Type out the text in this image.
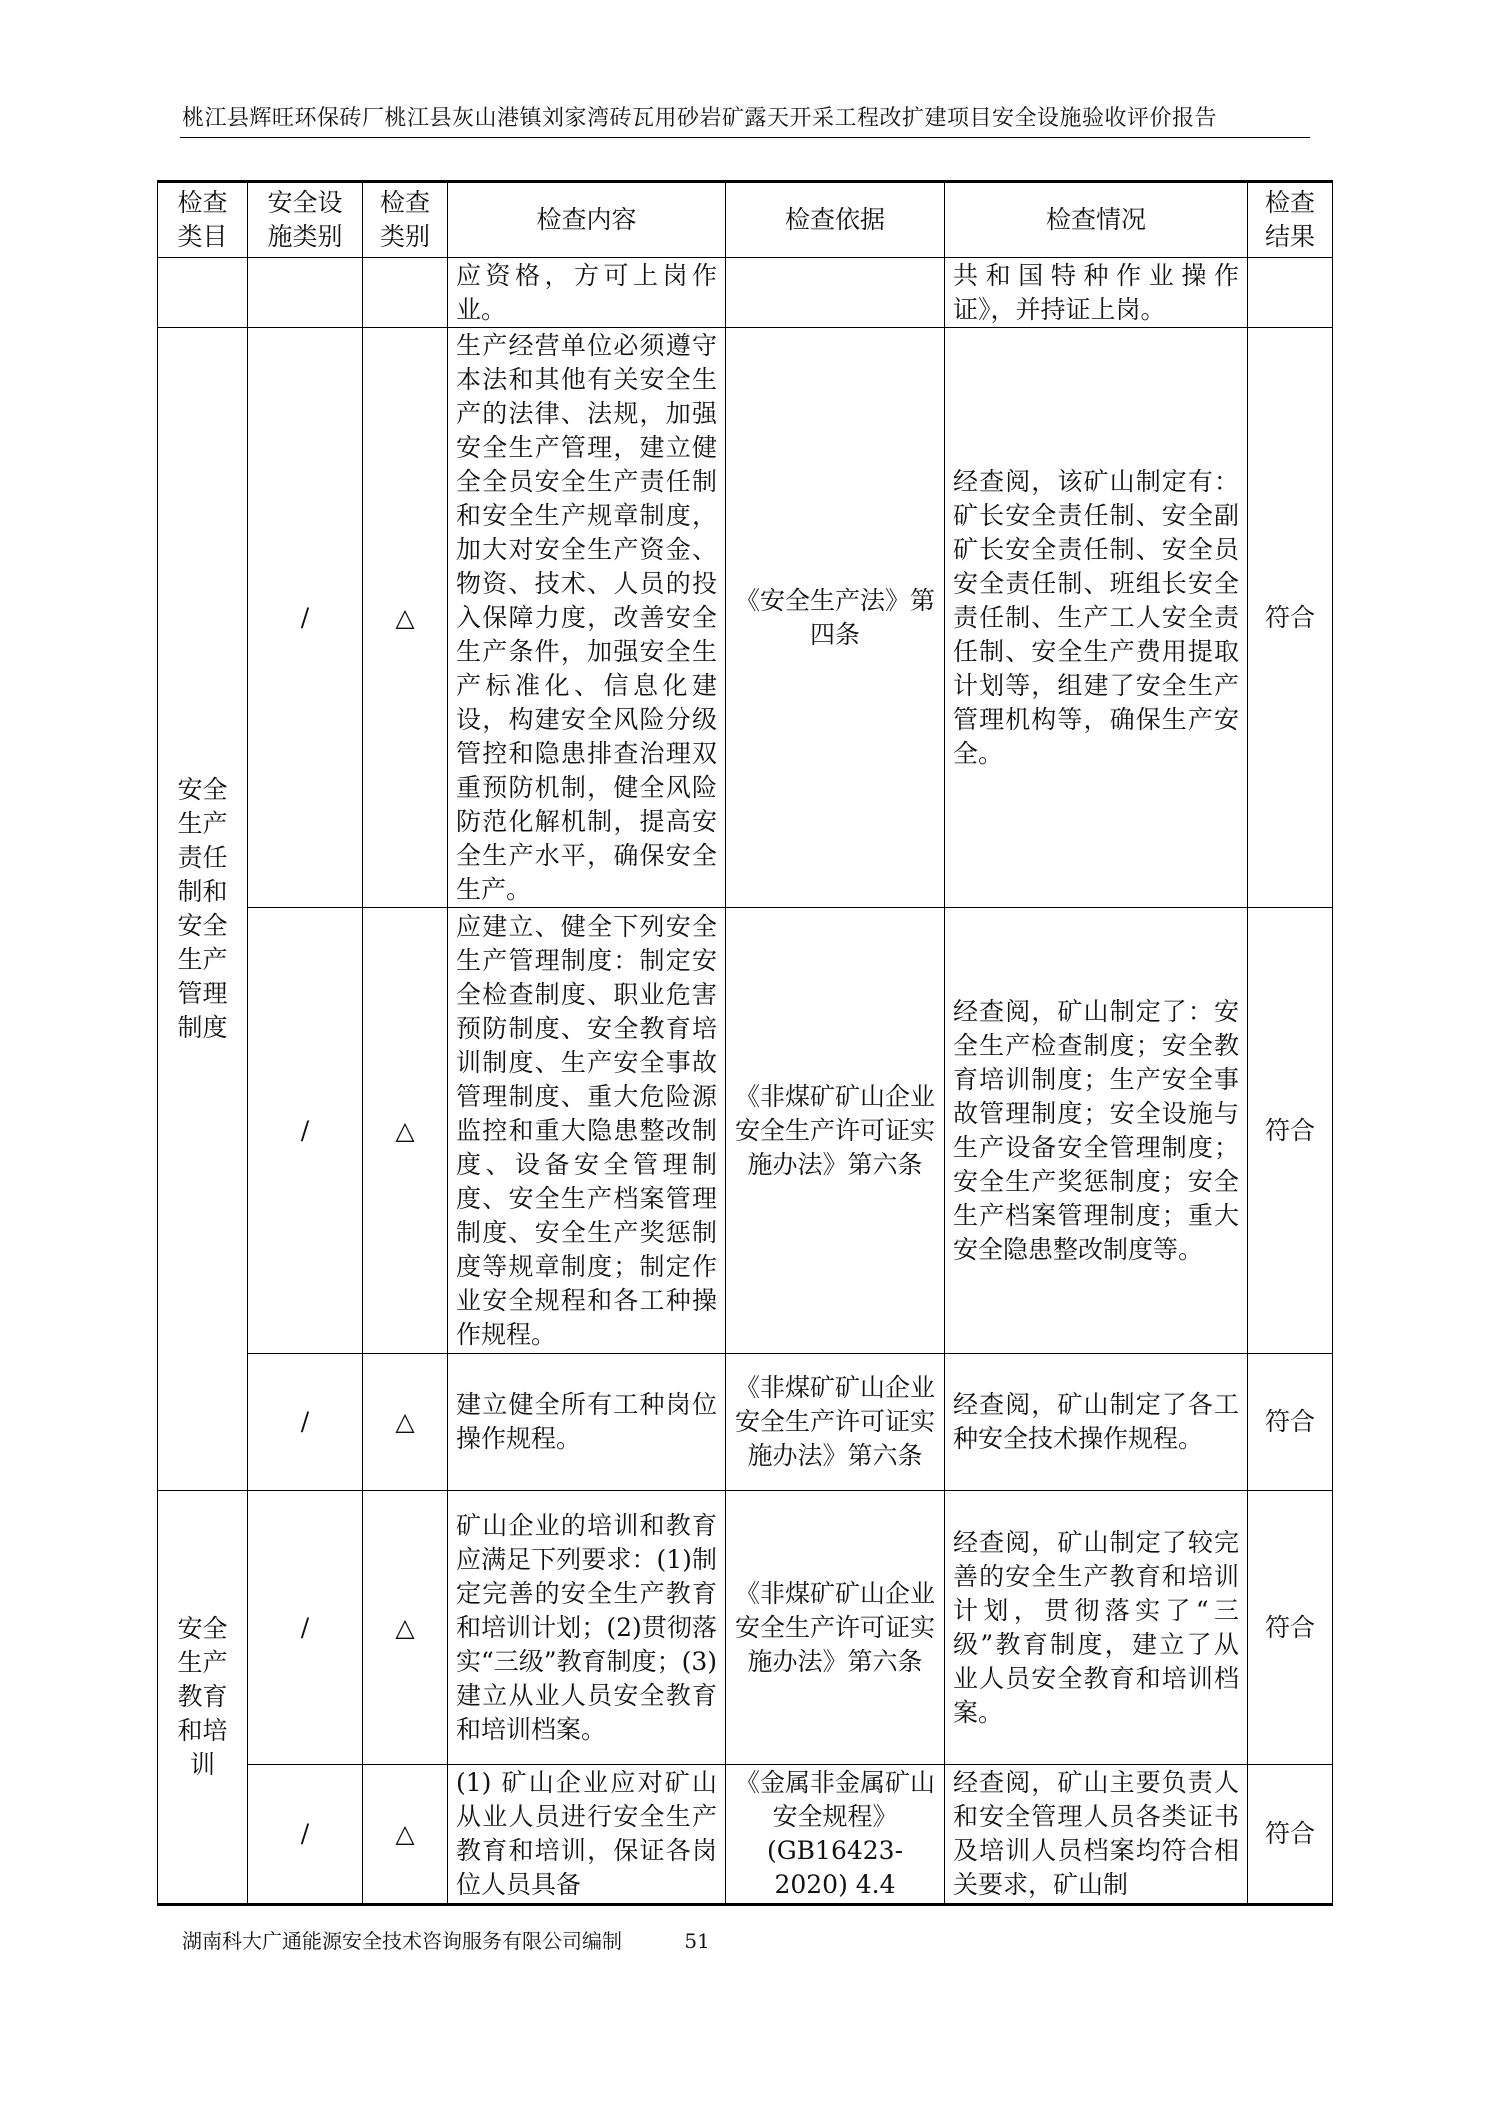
桃江县辉旺环保砖厂桃江县灰山港镇刘家湾砖瓦用砂岩矿露天开采工程改扩建项目安全设施验收评价报告
检查类目	安全设施类别	检查类别	检查内容	检查依据	检查情况	检查结果
			应资格，方可上岗作业。		共和国特种作业操作证》，并持证上岗。	
安全生产责任制和安全生产管理制度	/	△	生产经营单位必须遵守本法和其他有关安全生产的法律、法规，加强安全生产管理，建立健全全员安全生产责任制和安全生产规章制度，加大对安全生产资金、物资、技术、人员的投入保障力度，改善安全生产条件，加强安全生产标准化、信息化建设，构建安全风险分级管控和隐患排查治理双重预防机制，健全风险防范化解机制，提高安全生产水平，确保安全生产。	《安全生产法》第四条	经查阅，该矿山制定有：矿长安全责任制、安全副矿长安全责任制、安全员安全责任制、班组长安全责任制、生产工人安全责任制、安全生产费用提取计划等，组建了安全生产管理机构等，确保生产安全。	符合
	/	△	应建立、健全下列安全生产管理制度：制定安全检查制度、职业危害预防制度、安全教育培训制度、生产安全事故管理制度、重大危险源监控和重大隐患整改制度、设备安全管理制度、安全生产档案管理制度、安全生产奖惩制度等规章制度；制定作业安全规程和各工种操作规程。	《非煤矿矿山企业安全生产许可证实施办法》第六条	经查阅，矿山制定了：安全生产检查制度；安全教育培训制度；生产安全事故管理制度；安全设施与生产设备安全管理制度；安全生产奖惩制度；安全生产档案管理制度；重大安全隐患整改制度等。	符合
	/	△	建立健全所有工种岗位操作规程。	《非煤矿矿山企业安全生产许可证实施办法》第六条	经查阅，矿山制定了各工种安全技术操作规程。	符合
安全生产教育和培训	/	△	矿山企业的培训和教育应满足下列要求：(1)制定完善的安全生产教育和培训计划；(2)贯彻落实“三级”教育制度；(3)建立从业人员安全教育和培训档案。	《非煤矿矿山企业安全生产许可证实施办法》第六条	经查阅，矿山制定了较完善的安全生产教育和培训计划，贯彻落实了“三级”教育制度，建立了从业人员安全教育和培训档案。	符合
	/	△	(1) 矿山企业应对矿山从业人员进行安全生产教育和培训，保证各岗位人员具备	《金属非金属矿山安全规程》(GB16423-2020) 4.4	经查阅，矿山主要负责人和安全管理人员各类证书及培训人员档案均符合相关要求，矿山制	符合
湖南科大广通能源安全技术咨询服务有限公司编制	51
